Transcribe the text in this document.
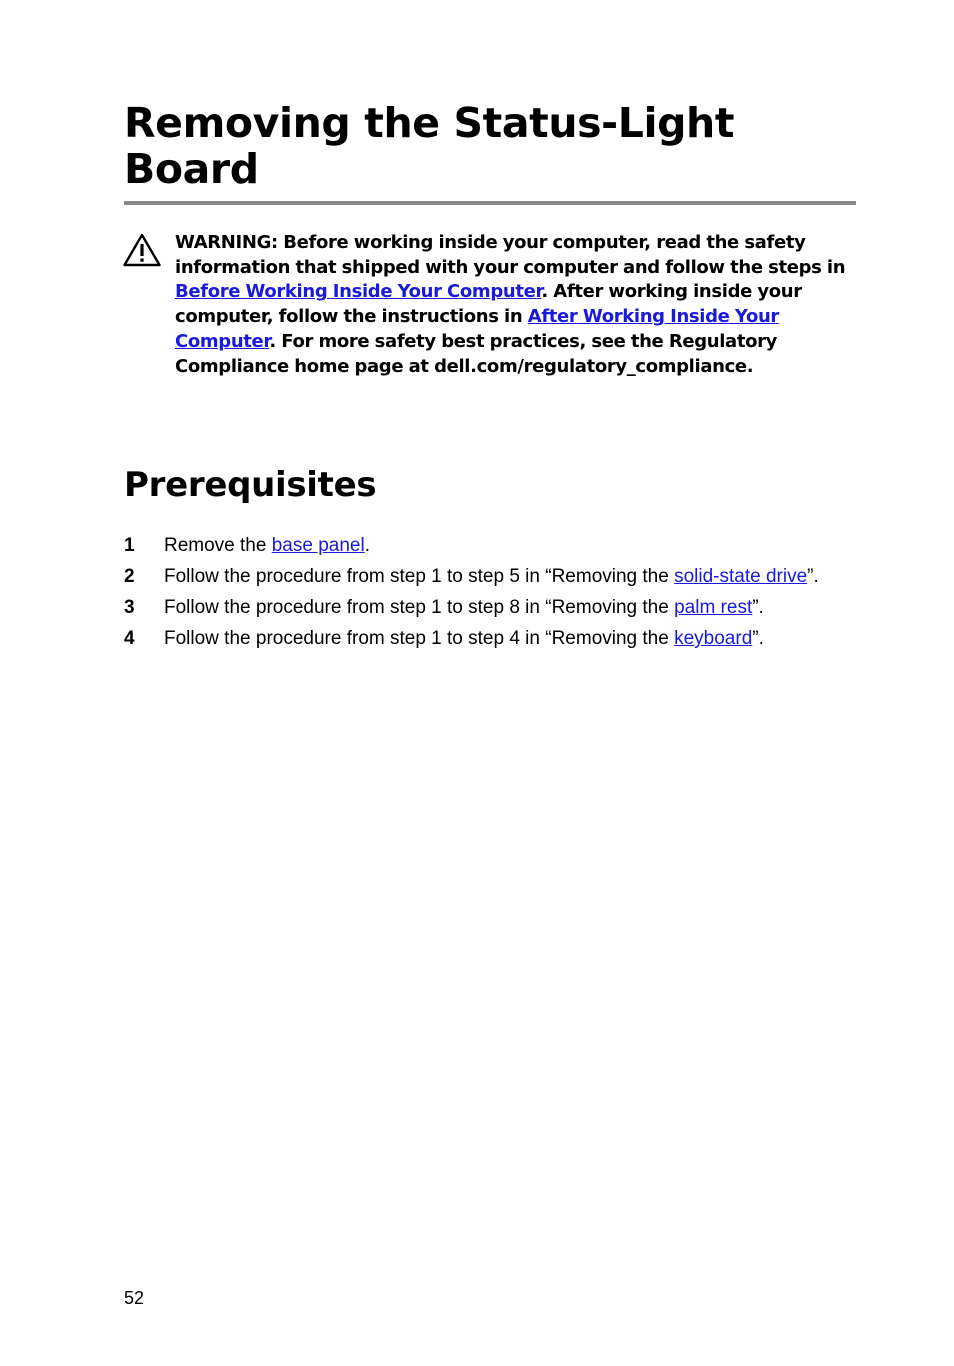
Removing the Status-Light Board

WARNING: Before working inside your computer, read the safety information that shipped with your computer and follow the steps in Before Working Inside Your Computer. After working inside your computer, follow the instructions in After Working Inside Your Computer. For more safety best practices, see the Regulatory Compliance home page at dell.com/regulatory_compliance.

Prerequisites
1 Remove the base panel.
2 Follow the procedure from step 1 to step 5 in “Removing the solid-state drive”.
3 Follow the procedure from step 1 to step 8 in “Removing the palm rest”.
4 Follow the procedure from step 1 to step 4 in “Removing the keyboard”.
52
